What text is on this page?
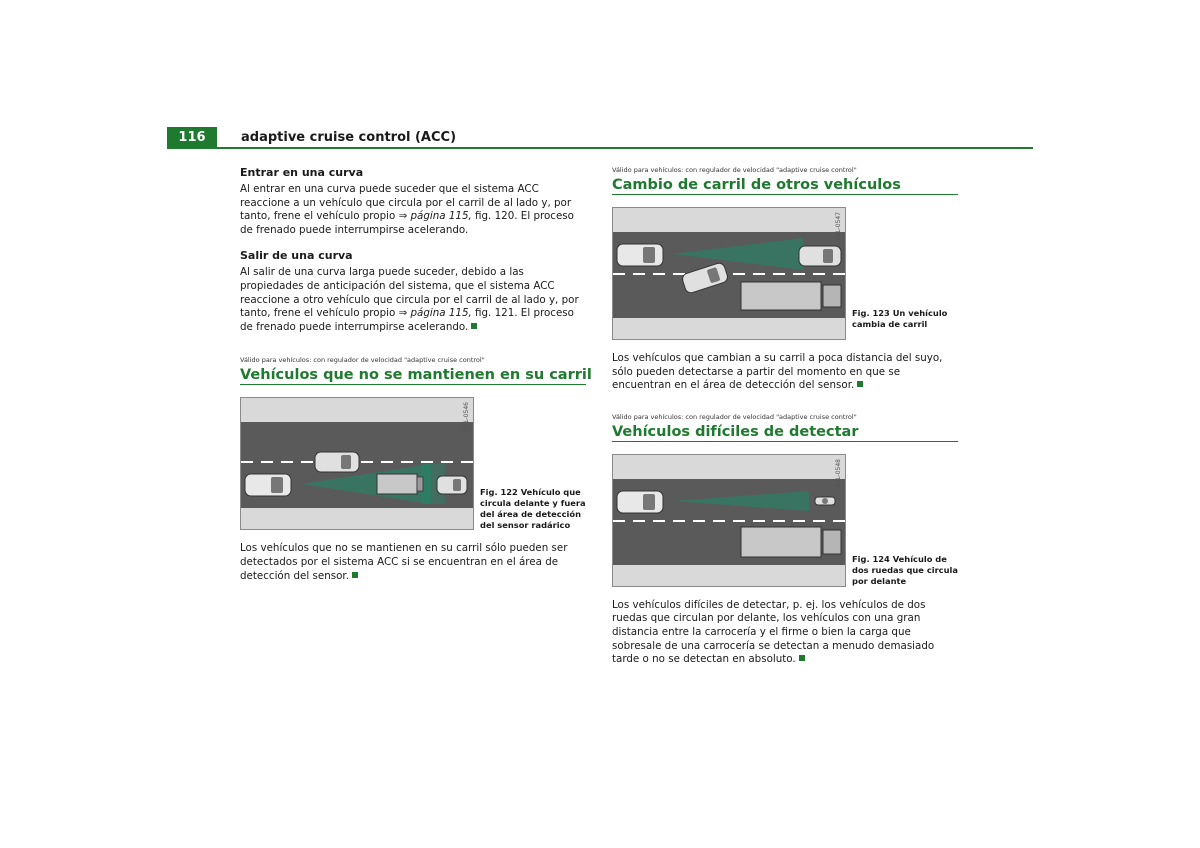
116	adaptive cruise control (ACC)
Entrar en una curva

Al entrar en una curva puede suceder que el sistema ACC reaccione a un vehículo que circula por el carril de al lado y, por tanto, frene el vehículo propio ⇒ página 115, fig. 120. El proceso de frenado puede interrumpirse acelerando.

Salir de una curva

Al salir de una curva larga puede suceder, debido a las propiedades de anticipación del sistema, que el sistema ACC reaccione a otro vehículo que circula por el carril de al lado y, por tanto, frene el vehículo propio ⇒ página 115, fig. 121. El proceso de frenado puede interrumpirse acelerando.

Válido para vehículos: con regulador de velocidad "adaptive cruise control"
Vehículos que no se mantienen en su carril
B4L-0546
Fig. 122 Vehículo que circula delante y fuera del área de detección del sensor radárico

Los vehículos que no se mantienen en su carril sólo pueden ser detectados por el sistema ACC si se encuentran en el área de detección del sensor.

Válido para vehículos: con regulador de velocidad "adaptive cruise control"
Cambio de carril de otros vehículos
B4L-0547
Fig. 123 Un vehículo cambia de carril

Los vehículos que cambian a su carril a poca distancia del suyo, sólo pueden detectarse a partir del momento en que se encuentran en el área de detección del sensor.

Válido para vehículos: con regulador de velocidad "adaptive cruise control"
Vehículos difíciles de detectar
B4L-0548
Fig. 124 Vehículo de dos ruedas que circula por delante

Los vehículos difíciles de detectar, p. ej. los vehículos de dos ruedas que circulan por delante, los vehículos con una gran distancia entre la carrocería y el firme o bien la carga que sobresale de una carrocería se detectan a menudo demasiado tarde o no se detectan en absoluto.
